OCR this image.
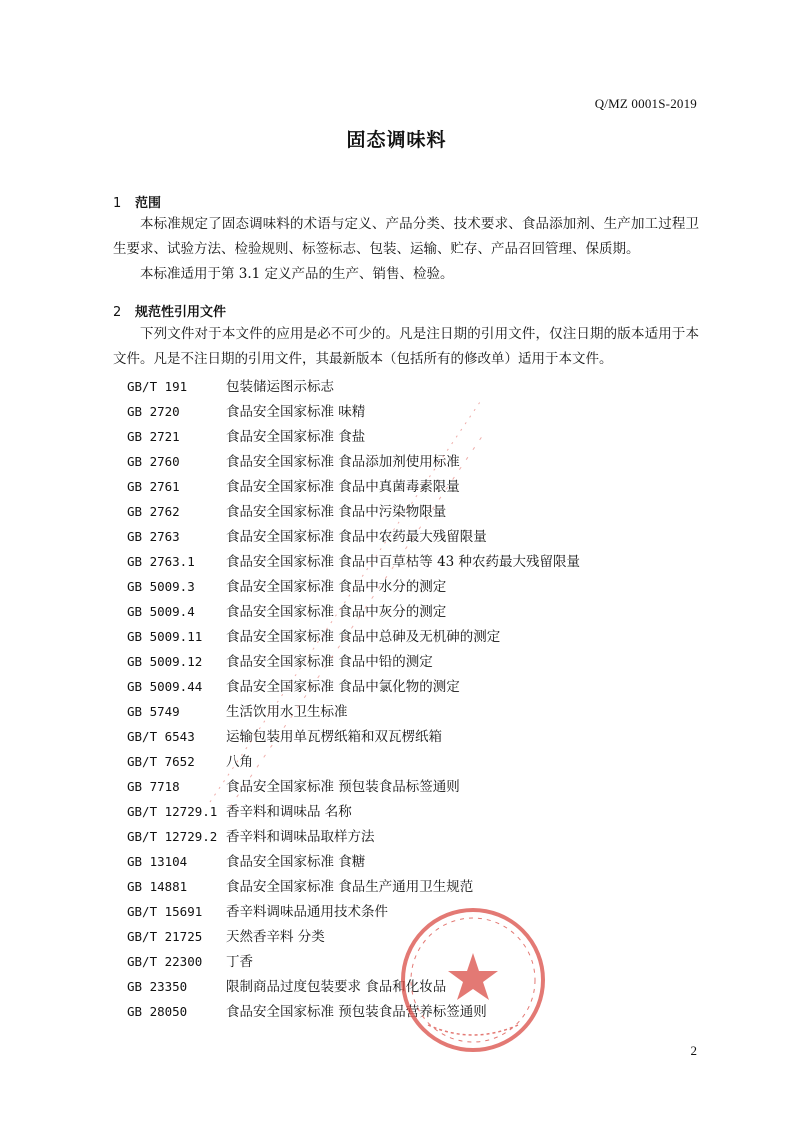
Q/MZ 0001S-2019
固态调味料
1 范围

本标准规定了固态调味料的术语与定义、产品分类、技术要求、食品添加剂、生产加工过程卫生要求、试验方法、检验规则、标签标志、包装、运输、贮存、产品召回管理、保质期。

本标准适用于第 3.1 定义产品的生产、销售、检验。

2 规范性引用文件

下列文件对于本文件的应用是必不可少的。凡是注日期的引用文件，仅注日期的版本适用于本文件。凡是不注日期的引用文件，其最新版本（包括所有的修改单）适用于本文件。

GB/T 191	包装储运图示标志
GB 2720	食品安全国家标准 味精
GB 2721	食品安全国家标准 食盐
GB 2760	食品安全国家标准 食品添加剂使用标准
GB 2761	食品安全国家标准 食品中真菌毒素限量
GB 2762	食品安全国家标准 食品中污染物限量
GB 2763	食品安全国家标准 食品中农药最大残留限量
GB 2763.1 食品安全国家标准 食品中百草枯等 43 种农药最大残留限量
GB 5009.3 食品安全国家标准 食品中水分的测定
GB 5009.4 食品安全国家标准 食品中灰分的测定
GB 5009.11 食品安全国家标准 食品中总砷及无机砷的测定
GB 5009.12 食品安全国家标准 食品中铅的测定
GB 5009.44 食品安全国家标准 食品中氯化物的测定
GB 5749	生活饮用水卫生标准
GB/T 6543 运输包装用单瓦楞纸箱和双瓦楞纸箱
GB/T 7652 八角
GB 7718	食品安全国家标准 预包装食品标签通则
GB/T 12729.1 香辛料和调味品 名称
GB/T 12729.2 香辛料和调味品取样方法
GB 13104	食品安全国家标准 食糖
GB 14881	食品安全国家标准 食品生产通用卫生规范
GB/T 15691 香辛料调味品通用技术条件
GB/T 21725 天然香辛料 分类
GB/T 22300 丁香
GB 23350	限制商品过度包装要求 食品和化妆品
GB 28050	食品安全国家标准 预包装食品营养标签通则
2
